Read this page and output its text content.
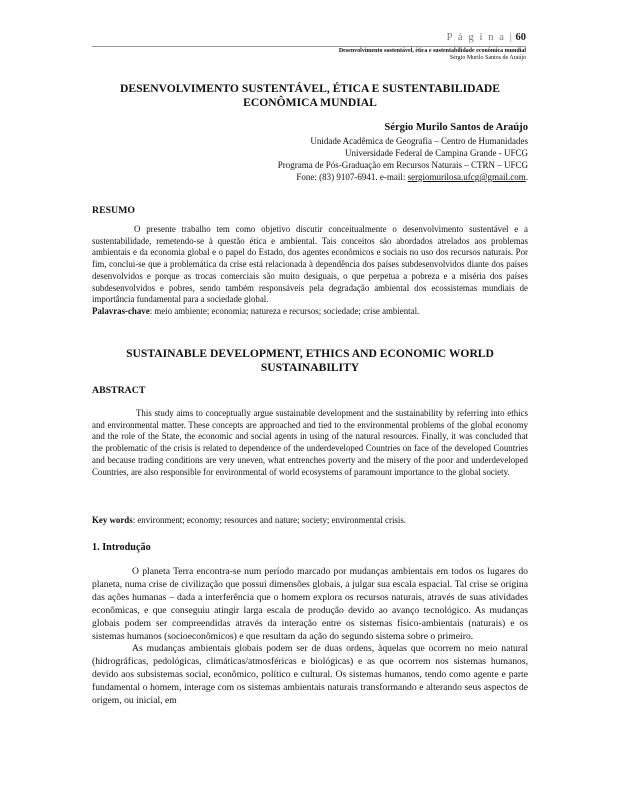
P á g i n a | 60
Desenvolvimento sustentável, ética e sustentabilidade econômica mundial
Sérgio Murilo Santos de Araújo

DESENVOLVIMENTO SUSTENTÁVEL, ÉTICA E SUSTENTABILIDADE ECONÔMICA MUNDIAL

Sérgio Murilo Santos de Araújo
Unidade Acadêmica de Geografia – Centro de Humanidades
Universidade Federal de Campina Grande - UFCG
Programa de Pós-Graduação em Recursos Naturais – CTRN – UFCG
Fone: (83) 9107-6941. e-mail: sergiomurilosa.ufcg@gmail.com.
RESUMO

O presente trabalho tem como objetivo discutir conceitualmente o desenvolvimento sustentável e a sustentabilidade, remetendo-se à questão ética e ambiental. Tais conceitos são abordados atrelados aos problemas ambientais e da economia global e o papel do Estado, dos agentes econômicos e sociais no uso dos recursos naturais. Por fim, conclui-se que a problemática da crise está relacionada à dependência dos países subdesenvolvidos diante dos países desenvolvidos e porque as trocas comerciais são muito desiguais, o que perpetua a pobreza e a miséria dos países subdesenvolvidos e pobres, sendo também responsáveis pela degradação ambiental dos ecossistemas mundiais de importância fundamental para a sociedade global.

Palavras-chave: meio ambiente; economia; natureza e recursos; sociedade; crise ambiental.

SUSTAINABLE DEVELOPMENT, ETHICS AND ECONOMIC WORLD SUSTAINABILITY

ABSTRACT

This study aims to conceptually argue sustainable development and the sustainability by referring into ethics and environmental matter. These concepts are approached and tied to the environmental problems of the global economy and the role of the State, the economic and social agents in using of the natural resources. Finally, it was concluded that the problematic of the crisis is related to dependence of the underdeveloped Countries on face of the developed Countries and because trading conditions are very uneven, what entrenches poverty and the misery of the poor and underdeveloped Countries, are also responsible for environmental of world ecosystems of paramount importance to the global society.

Key words: environment; economy; resources and nature; society; environmental crisis.

1. Introdução

O planeta Terra encontra-se num período marcado por mudanças ambientais em todos os lugares do planeta, numa crise de civilização que possui dimensões globais, a julgar sua escala espacial. Tal crise se origina das ações humanas – dada a interferência que o homem explora os recursos naturais, através de suas atividades econômicas, e que conseguiu atingir larga escala de produção devido ao avanço tecnológico. As mudanças globais podem ser compreendidas através da interação entre os sistemas físico-ambientais (naturais) e os sistemas humanos (socioeconômicos) e que resultam da ação do segundo sistema sobre o primeiro.

As mudanças ambientais globais podem ser de duas ordens, àquelas que ocorrem no meio natural (hidrográficas, pedológicas, climáticas/atmosféricas e biológicas) e as que ocorrem nos sistemas humanos, devido aos subsistemas social, econômico, político e cultural. Os sistemas humanos, tendo como agente e parte fundamental o homem, interage com os sistemas ambientais naturais transformando e alterando seus aspectos de origem, ou inicial, em
